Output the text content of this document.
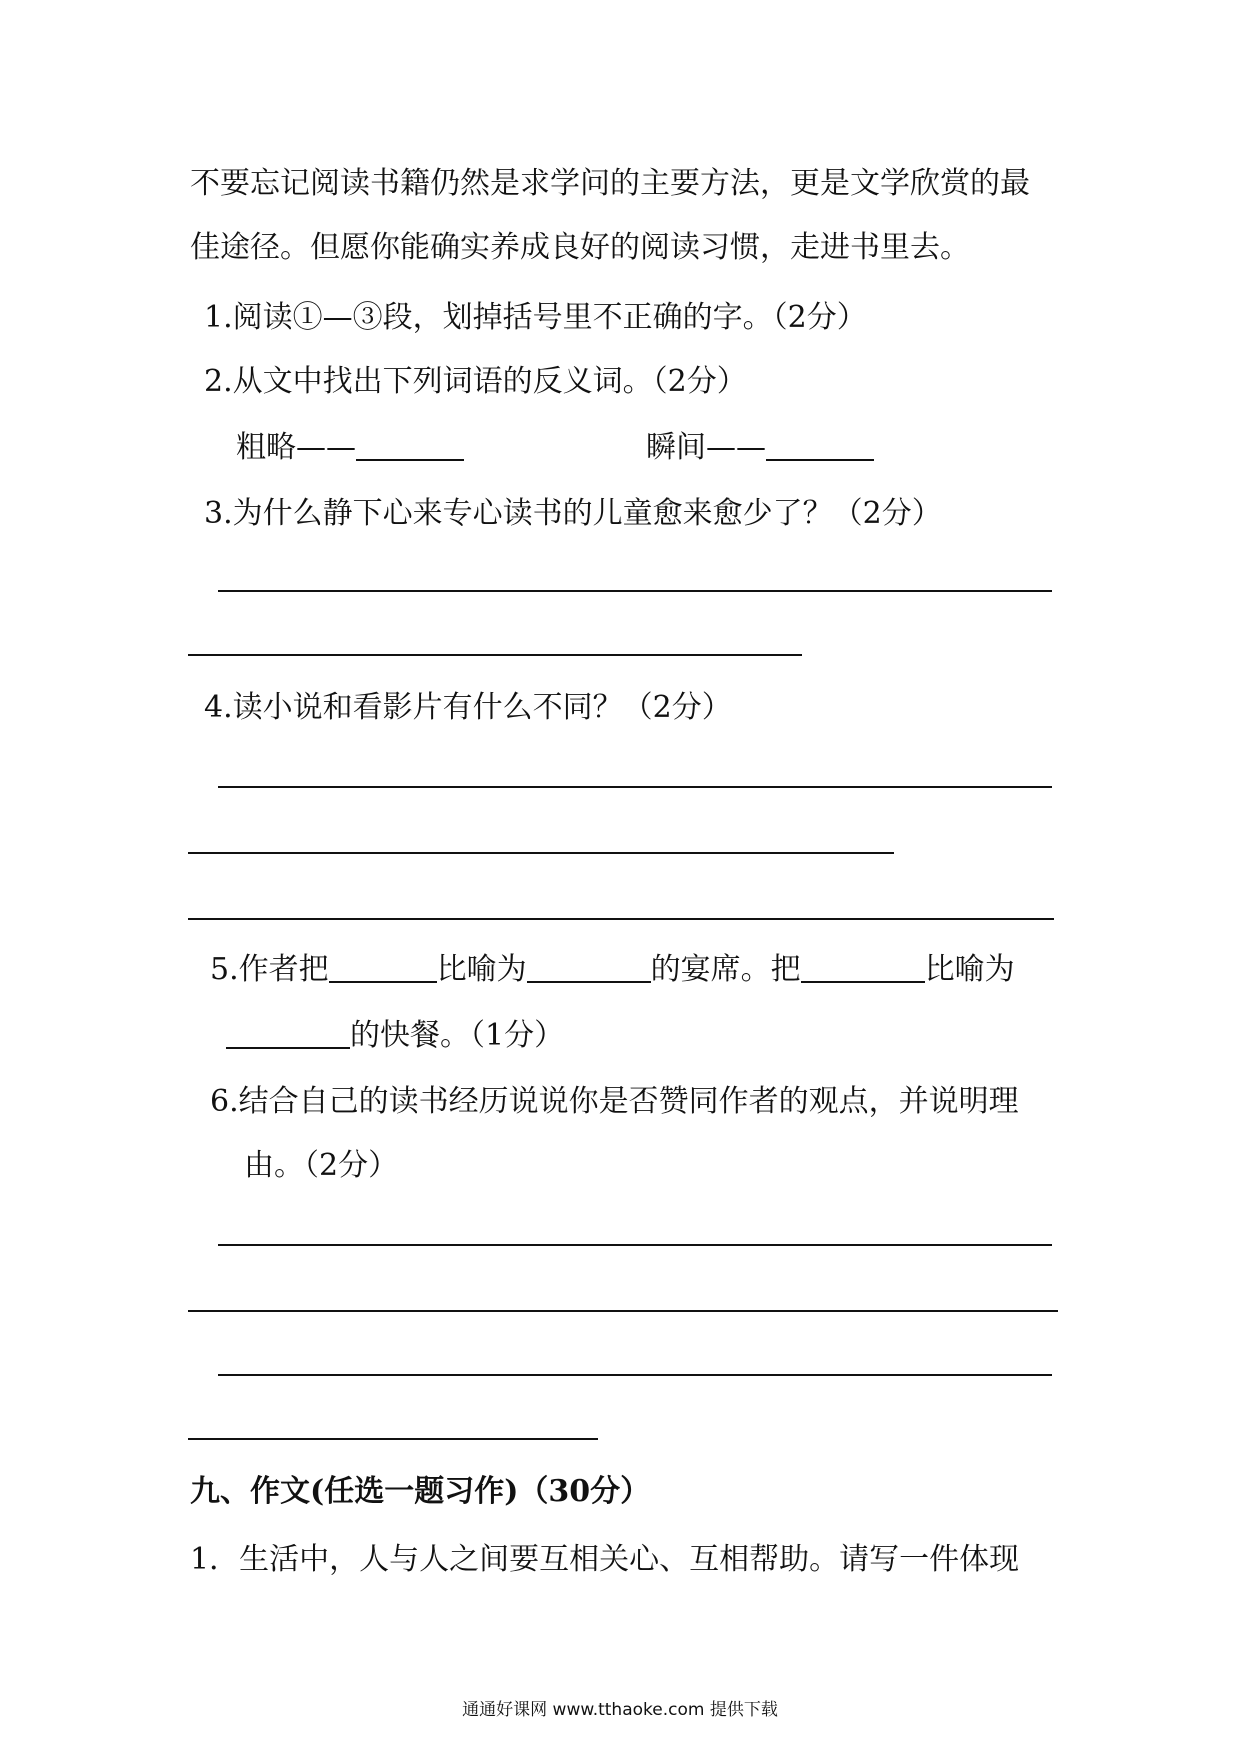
不要忘记阅读书籍仍然是求学问的主要方法，更是文学欣赏的最
佳途径。但愿你能确实养成良好的阅读习惯，走进书里去。
1.阅读①—③段，划掉括号里不正确的字。（2分）
2.从文中找出下列词语的反义词。（2分）
粗略——	瞬间——
3.为什么静下心来专心读书的儿童愈来愈少了？（2分）
4.读小说和看影片有什么不同？（2分）
5.作者把	比喻为	的宴席。把	比喻为
的快餐。（1分）
6.结合自己的读书经历说说你是否赞同作者的观点，并说明理
由。（2分）
九、作文(任选一题习作)（30分）
1．生活中，人与人之间要互相关心、互相帮助。请写一件体现
通通好课网 www.tthaoke.com 提供下载
